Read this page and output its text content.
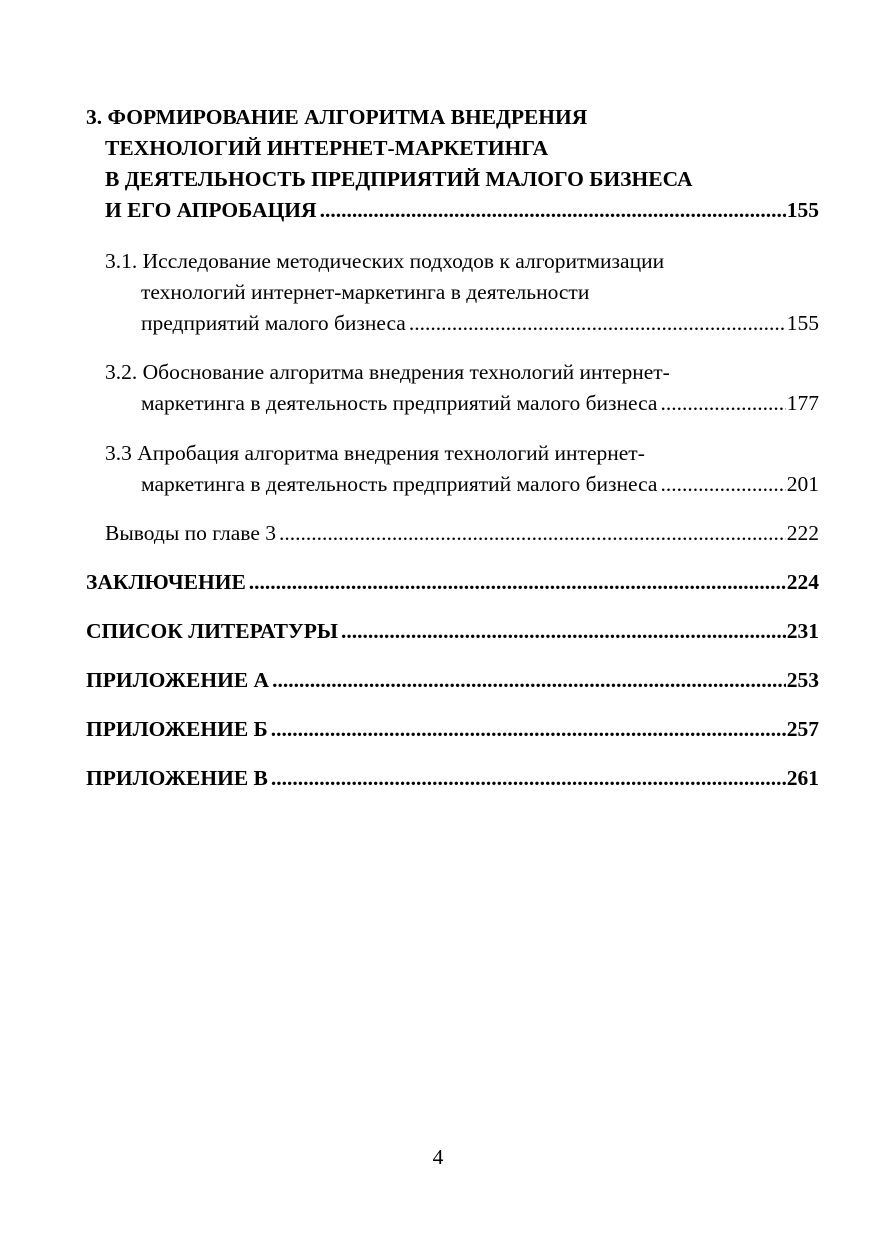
3. ФОРМИРОВАНИЕ АЛГОРИТМА ВНЕДРЕНИЯ
ТЕХНОЛОГИЙ ИНТЕРНЕТ-МАРКЕТИНГА
В ДЕЯТЕЛЬНОСТЬ ПРЕДПРИЯТИЙ МАЛОГО БИЗНЕСА
И ЕГО АПРОБАЦИЯ .....	155
3.1. Исследование методических подходов к алгоритмизации
технологий интернет-маркетинга в деятельности
предприятий малого бизнеса .....	155
3.2. Обоснование алгоритма внедрения технологий интернет-
маркетинга в деятельность предприятий малого бизнеса .....	177
3.3 Апробация алгоритма внедрения технологий интернет-
маркетинга в деятельность предприятий малого бизнеса .....	201
Выводы по главе 3 .....	222
ЗАКЛЮЧЕНИЕ .....	224
СПИСОК ЛИТЕРАТУРЫ .....	231
ПРИЛОЖЕНИЕ А .....	253
ПРИЛОЖЕНИЕ Б .....	257
ПРИЛОЖЕНИЕ В .....	261
4
